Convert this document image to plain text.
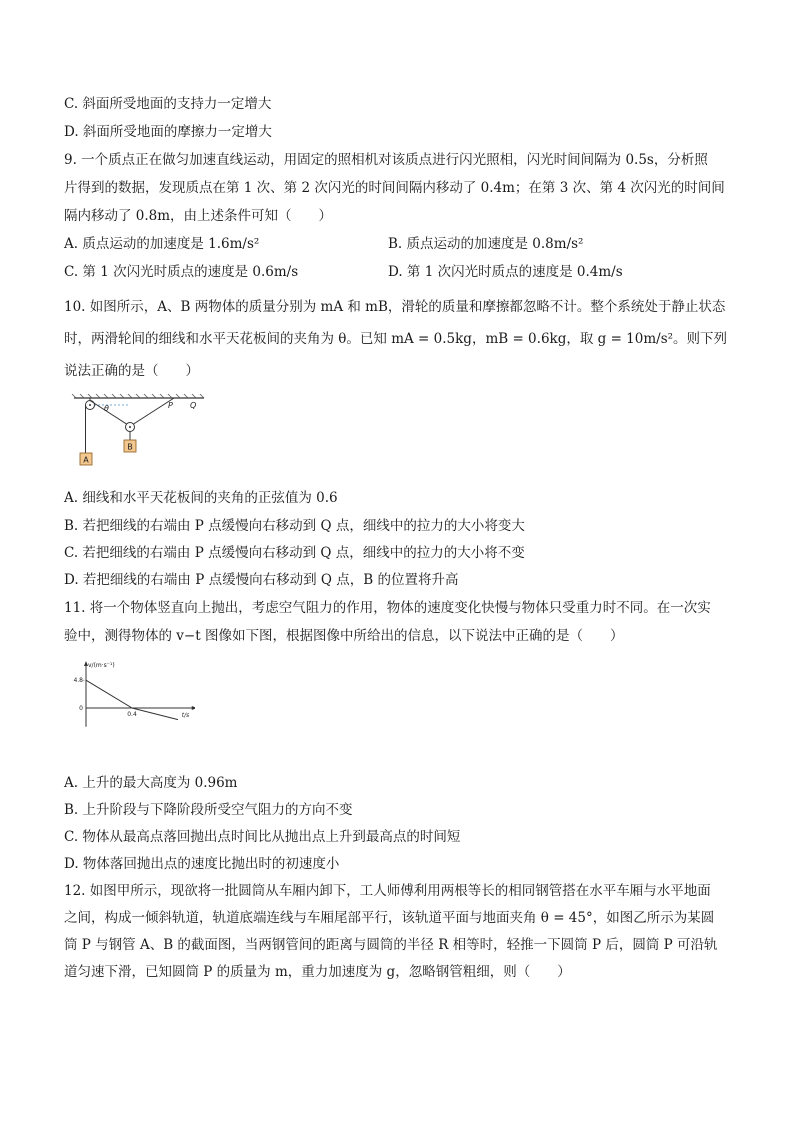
C. 斜面所受地面的支持力一定增大
D. 斜面所受地面的摩擦力一定增大
9. 一个质点正在做匀加速直线运动，用固定的照相机对该质点进行闪光照相，闪光时间间隔为 0.5s，分析照
片得到的数据，发现质点在第 1 次、第 2 次闪光的时间间隔内移动了 0.4m；在第 3 次、第 4 次闪光的时间间
隔内移动了 0.8m，由上述条件可知（　　）
A. 质点运动的加速度是 1.6m/s²	B. 质点运动的加速度是 0.8m/s²
C. 第 1 次闪光时质点的速度是 0.6m/s	D. 第 1 次闪光时质点的速度是 0.4m/s
10. 如图所示，A、B 两物体的质量分别为 mA 和 mB，滑轮的质量和摩擦都忽略不计。整个系统处于静止状态
时，两滑轮间的细线和水平天花板间的夹角为 θ。已知 mA = 0.5kg，mB = 0.6kg，取 g = 10m/s²。则下列
说法正确的是（　　）
A
B
θ	P Q
A. 细线和水平天花板间的夹角的正弦值为 0.6
B. 若把细线的右端由 P 点缓慢向右移动到 Q 点，细线中的拉力的大小将变大
C. 若把细线的右端由 P 点缓慢向右移动到 Q 点，细线中的拉力的大小将不变
D. 若把细线的右端由 P 点缓慢向右移动到 Q 点，B 的位置将升高
11. 将一个物体竖直向上抛出，考虑空气阻力的作用，物体的速度变化快慢与物体只受重力时不同。在一次实
验中，测得物体的 v−t 图像如下图，根据图像中所给出的信息，以下说法中正确的是（　　）
v/(m·s⁻¹)
t/s
4.8
0
0.4
A. 上升的最大高度为 0.96m
B. 上升阶段与下降阶段所受空气阻力的方向不变
C. 物体从最高点落回抛出点时间比从抛出点上升到最高点的时间短
D. 物体落回抛出点的速度比抛出时的初速度小
12. 如图甲所示，现欲将一批圆筒从车厢内卸下，工人师傅利用两根等长的相同钢管搭在水平车厢与水平地面
之间，构成一倾斜轨道，轨道底端连线与车厢尾部平行，该轨道平面与地面夹角 θ = 45°，如图乙所示为某圆
筒 P 与钢管 A、B 的截面图，当两钢管间的距离与圆筒的半径 R 相等时，轻推一下圆筒 P 后，圆筒 P 可沿轨
道匀速下滑，已知圆筒 P 的质量为 m，重力加速度为 g，忽略钢管粗细，则（　　）
